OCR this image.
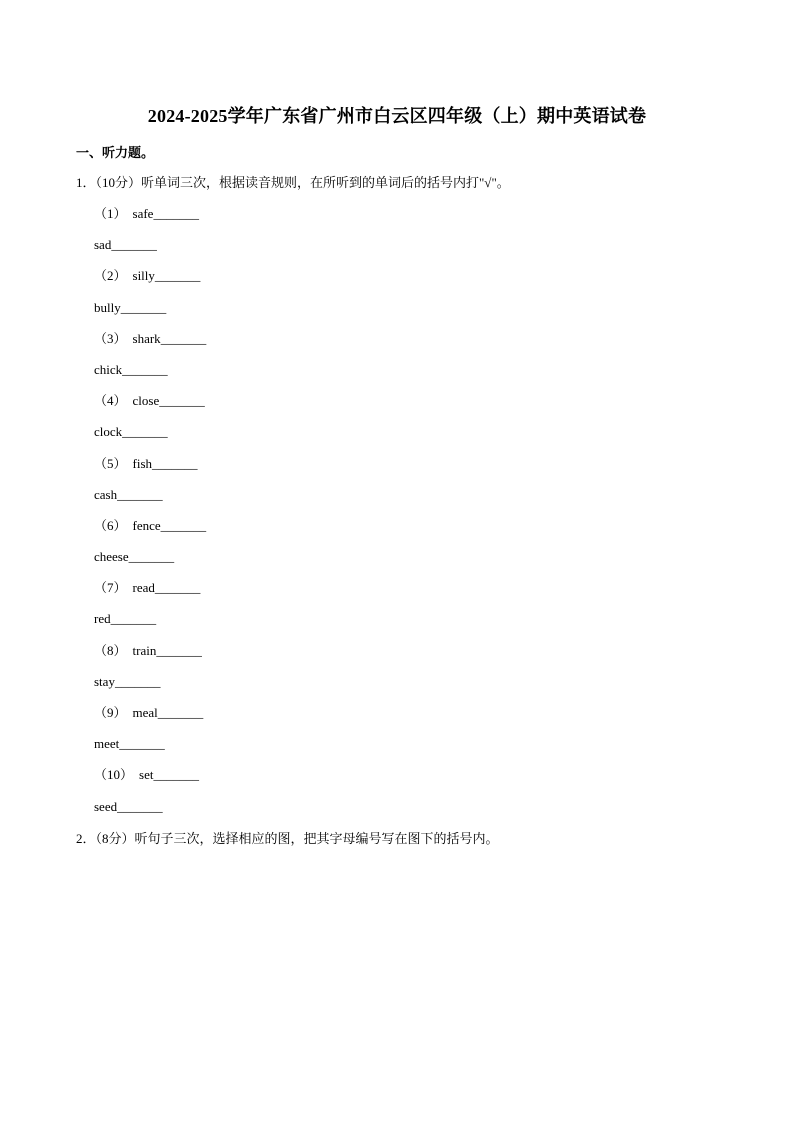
2024-2025学年广东省广州市白云区四年级（上）期中英语试卷
一、听力题。
1．（10分）听单词三次，根据读音规则，在所听到的单词后的括号内打"√"。
（1） safe _______
sad _______
（2） silly _______
bully _______
（3） shark _______
chick _______
（4） close _______
clock _______
（5） fish _______
cash _______
（6） fence _______
cheese _______
（7） read _______
red _______
（8） train _______
stay _______
（9） meal _______
meet _______
（10） set _______
seed _______
2．（8分）听句子三次，选择相应的图，把其字母编号写在图下的括号内。
